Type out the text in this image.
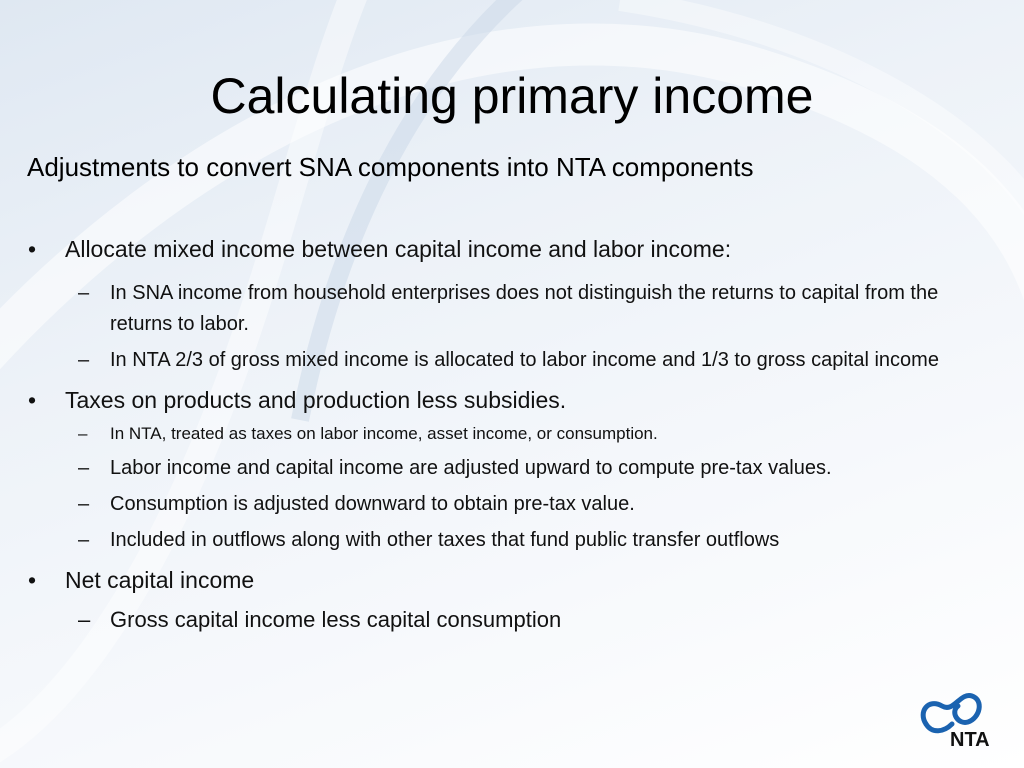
Calculating primary income
Adjustments to convert SNA components into NTA components
•	Allocate mixed income between capital income and labor income:
–	In SNA income from household enterprises does not distinguish the returns to capital from the returns to labor.
–	In NTA 2/3 of gross mixed income is allocated to labor income and 1/3 to gross capital income
•	Taxes on products and production less subsidies.
–	In NTA, treated as taxes on labor income, asset income, or consumption.
–	Labor income and capital income are adjusted upward to compute pre-tax values.
–	Consumption is adjusted downward to obtain pre-tax value.
–	Included in outflows along with other taxes that fund public transfer outflows
•	Net capital income
– Gross capital income less capital consumption
NTA
